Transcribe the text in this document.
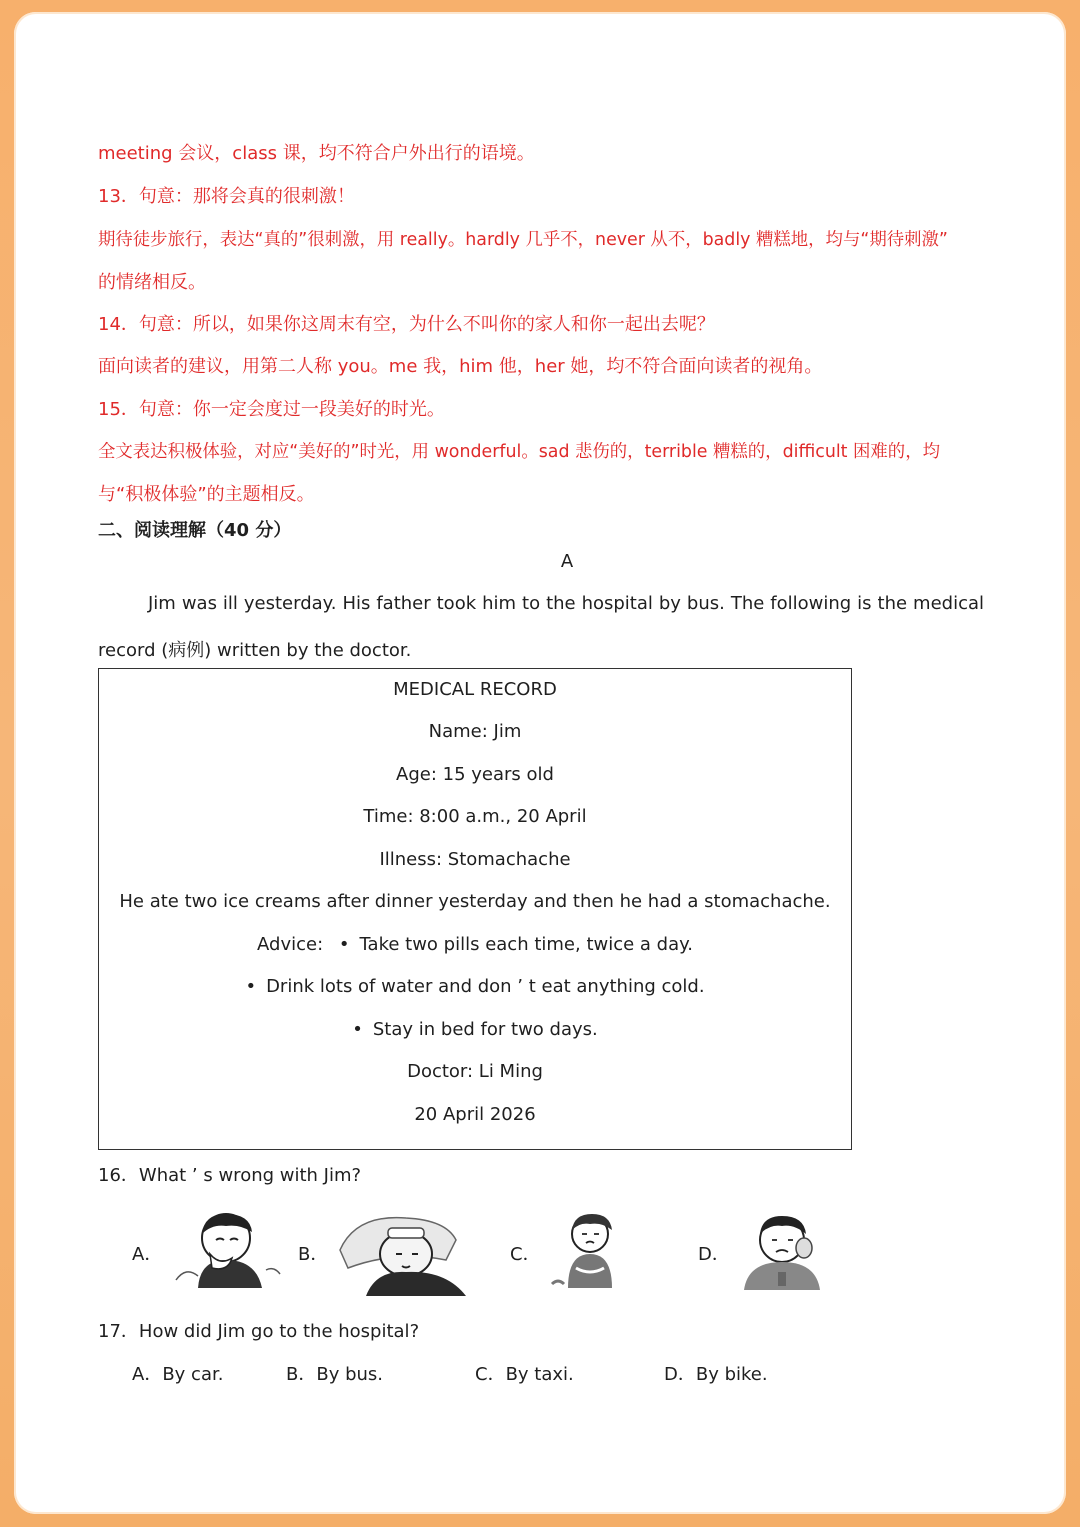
meeting 会议，class 课，均不符合户外出行的语境。
13．句意：那将会真的很刺激！
期待徒步旅行，表达“真的”很刺激，用 really。hardly 几乎不，never 从不，badly 糟糕地，均与“期待刺激”
的情绪相反。
14．句意：所以，如果你这周末有空，为什么不叫你的家人和你一起出去呢？
面向读者的建议，用第二人称 you。me 我，him 他，her 她，均不符合面向读者的视角。
15．句意：你一定会度过一段美好的时光。
全文表达积极体验，对应“美好的”时光，用 wonderful。sad 悲伤的，terrible 糟糕的，difficult 困难的，均
与“积极体验”的主题相反。
二、阅读理解（40 分）
A
Jim was ill yesterday. His father took him to the hospital by bus. The following is the medical
record (病例) written by the doctor.
MEDICAL RECORD
Name: Jim
Age: 15 years old
Time: 8:00 a.m., 20 April
Illness: Stomachache
He ate two ice creams after dinner yesterday and then he had a stomachache.
Advice: • Take two pills each time, twice a day.
• Drink lots of water and don ’ t eat anything cold.
• Stay in bed for two days.
Doctor: Li Ming
20 April 2026
16．What ’ s wrong with Jim?
A．	B．	C．	D．
17．How did Jim go to the hospital?
A．By car.	B．By bus.	C．By taxi.	D．By bike.
